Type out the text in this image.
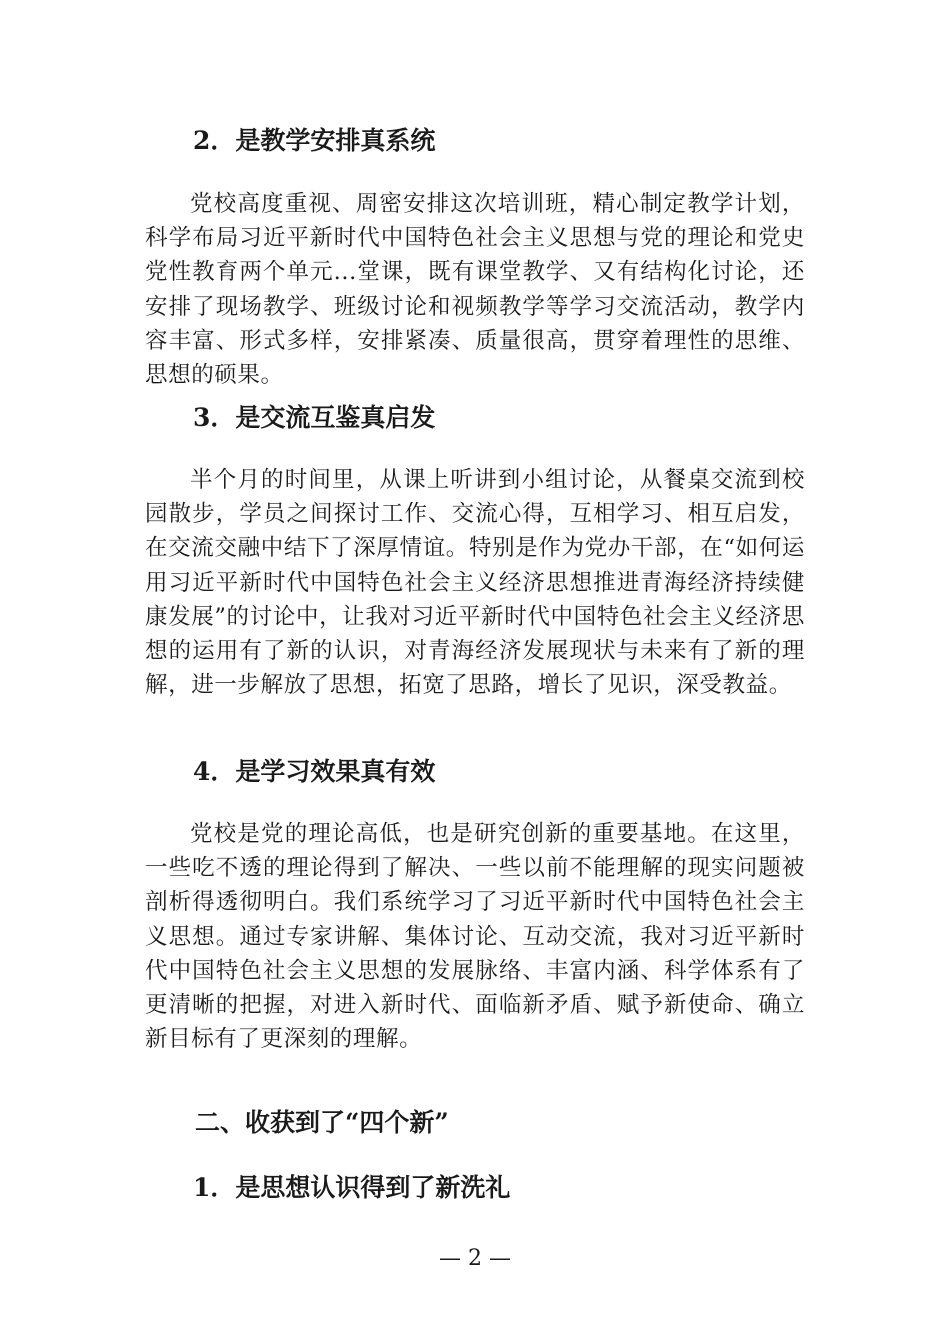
2．是教学安排真系统

党校高度重视、周密安排这次培训班，精心制定教学计划，科学布局习近平新时代中国特色社会主义思想与党的理论和党史党性教育两个单元...堂课，既有课堂教学、又有结构化讨论，还安排了现场教学、班级讨论和视频教学等学习交流活动，教学内容丰富、形式多样，安排紧凑、质量很高，贯穿着理性的思维、思想的硕果。

3．是交流互鉴真启发

半个月的时间里，从课上听讲到小组讨论，从餐桌交流到校园散步，学员之间探讨工作、交流心得，互相学习、相互启发，在交流交融中结下了深厚情谊。特别是作为党办干部，在“如何运用习近平新时代中国特色社会主义经济思想推进青海经济持续健康发展”的讨论中，让我对习近平新时代中国特色社会主义经济思想的运用有了新的认识，对青海经济发展现状与未来有了新的理解，进一步解放了思想，拓宽了思路，增长了见识，深受教益。

4．是学习效果真有效

党校是党的理论高低，也是研究创新的重要基地。在这里，一些吃不透的理论得到了解决、一些以前不能理解的现实问题被剖析得透彻明白。我们系统学习了习近平新时代中国特色社会主义思想。通过专家讲解、集体讨论、互动交流，我对习近平新时代中国特色社会主义思想的发展脉络、丰富内涵、科学体系有了更清晰的把握，对进入新时代、面临新矛盾、赋予新使命、确立新目标有了更深刻的理解。

二、收获到了“四个新”
1．是思想认识得到了新洗礼
— 2 —
